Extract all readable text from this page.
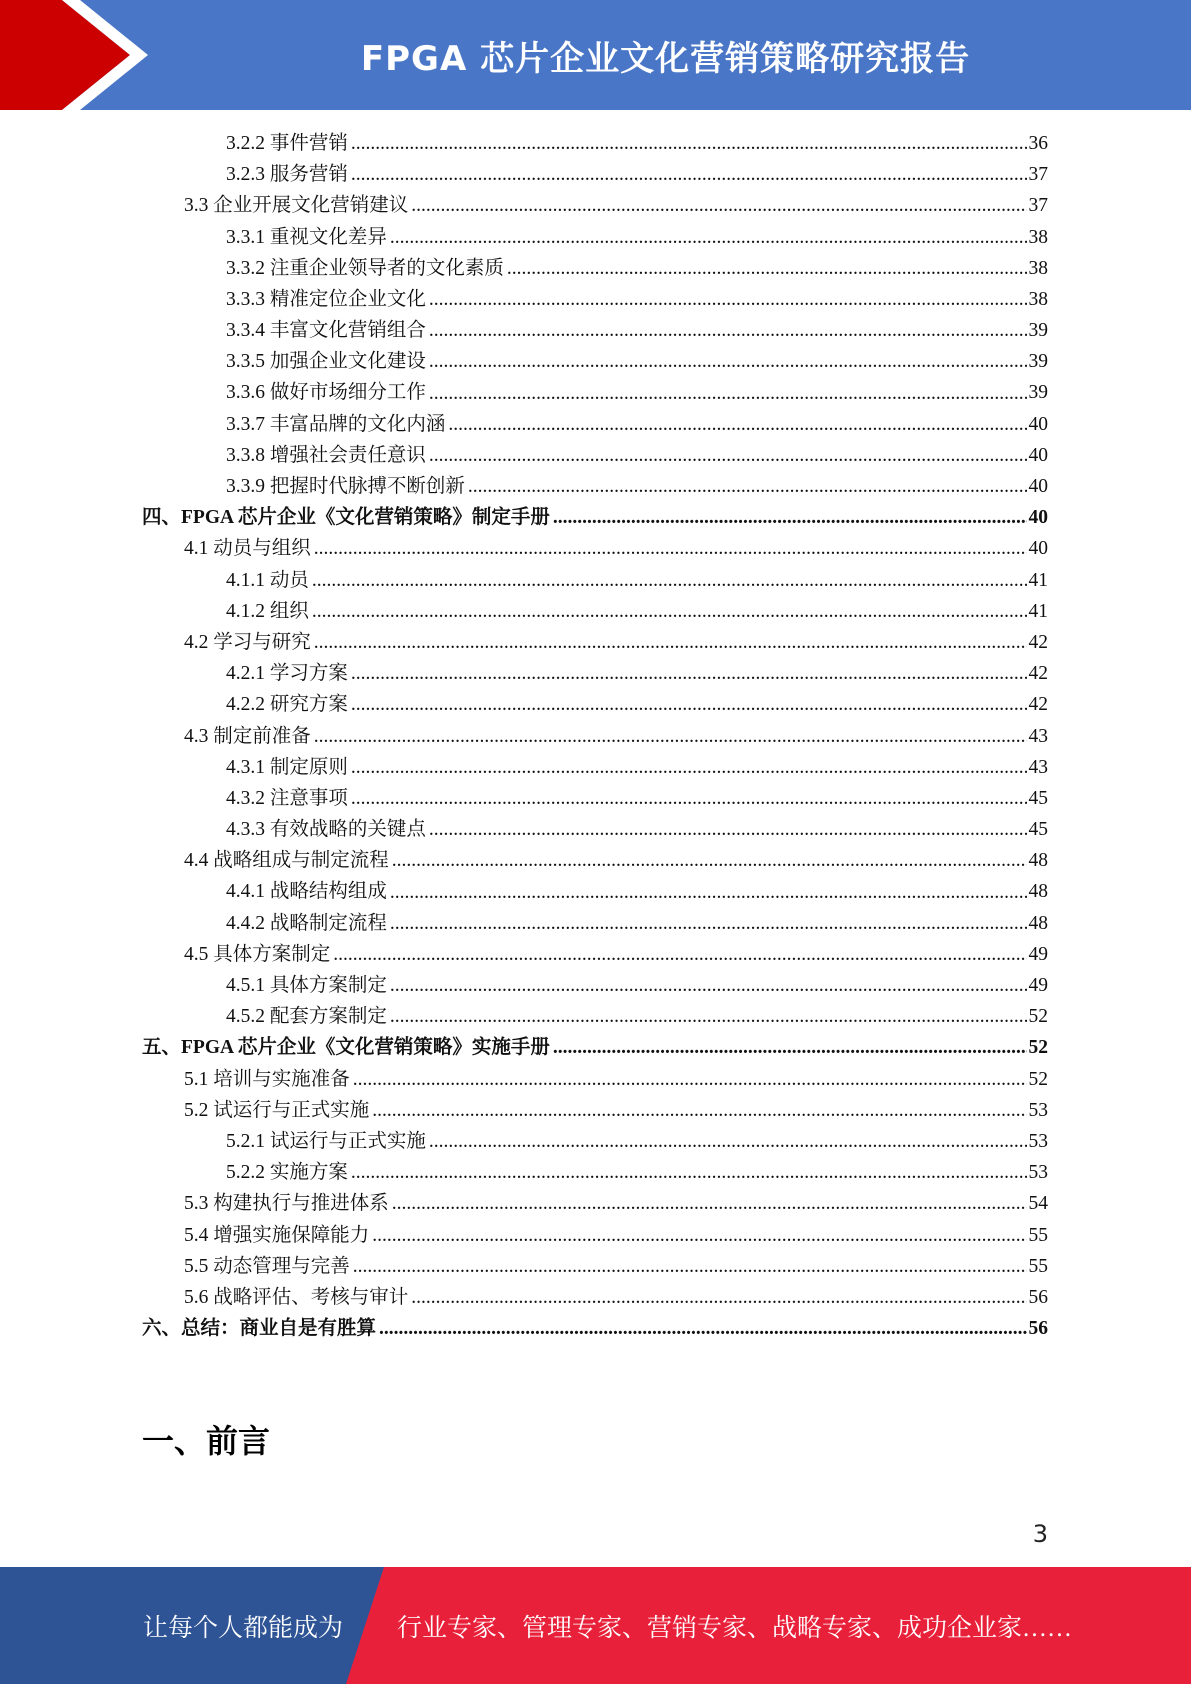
FPGA 芯片企业文化营销策略研究报告
3.2.2 事件营销 .....	36
3.2.3 服务营销 .....	37
3.3 企业开展文化营销建议 .....	37
3.3.1 重视文化差异 .....	38
3.3.2 注重企业领导者的文化素质 .....	38
3.3.3 精准定位企业文化 .....	38
3.3.4 丰富文化营销组合 .....	39
3.3.5 加强企业文化建设 .....	39
3.3.6 做好市场细分工作 .....	39
3.3.7 丰富品牌的文化内涵 .....	40
3.3.8 增强社会责任意识 .....	40
3.3.9 把握时代脉搏不断创新 .....	40
四、FPGA 芯片企业《文化营销策略》制定手册 .....	40
4.1 动员与组织 .....	40
4.1.1 动员 .....	41
4.1.2 组织 .....	41
4.2 学习与研究 .....	42
4.2.1 学习方案 .....	42
4.2.2 研究方案 .....	42
4.3 制定前准备 .....	43
4.3.1 制定原则 .....	43
4.3.2 注意事项 .....	45
4.3.3 有效战略的关键点 .....	45
4.4 战略组成与制定流程 .....	48
4.4.1 战略结构组成 .....	48
4.4.2 战略制定流程 .....	48
4.5 具体方案制定 .....	49
4.5.1 具体方案制定 .....	49
4.5.2 配套方案制定 .....	52
五、FPGA 芯片企业《文化营销策略》实施手册 .....	52
5.1 培训与实施准备 .....	52
5.2 试运行与正式实施 .....	53
5.2.1 试运行与正式实施 .....	53
5.2.2 实施方案 .....	53
5.3 构建执行与推进体系 .....	54
5.4 增强实施保障能力 .....	55
5.5 动态管理与完善 .....	55
5.6 战略评估、考核与审计 .....	56
六、总结：商业自是有胜算 .....	56
一、前言
3
让每个人都能成为 行业专家、管理专家、营销专家、战略专家、成功企业家……
